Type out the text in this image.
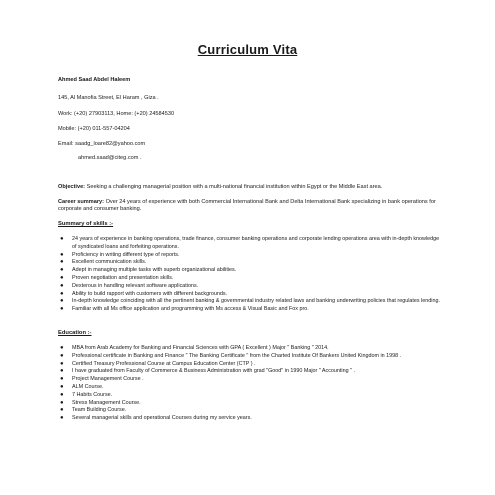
Curriculum Vita
Ahmed Saad Abdel Haleem
145, Al Manofia Street, El Haram , Giza .
Work: (+20) 27903113, Home: (+20) 24584530
Mobile: (+20) 011-557-04204
Email: saadg_loare82@yahoo.com
ahmed.saad@citeg.com .
Objective: Seeking a challenging managerial position with a multi-national financial institution within Egypt or the Middle East area.
Career summary: Over 24 years of experience with both Commercial International Bank and Delta International Bank specializing in bank operations for corporate and consumer banking.
Summary of skills :-
● 24 years of experience in banking operations, trade finance, consumer banking operations and corporate lending operations area with in-depth knowledge of syndicated loans and forfeiting operations.
● Proficiency in writing different type of reports.
● Excellent communication skills.
● Adept in managing multiple tasks with superb organizational abilities.
● Proven negotiation and presentation skills.
● Dexterous in handling relevant software applications.
● Ability to build rapport with customers with different backgrounds.
● In-depth knowledge coinciding with all the pertinent banking & governmental industry related laws and banking underwriting policies that regulates lending.
● Familiar with all Ms office application and programming with Ms access & Visual Basic and Fox pro.
Education :-
● MBA from Arab Academy for Banking and Financial Sciences with GPA ( Excellent ) Major " Banking " 2014.
● Professional certificate in Banking and Finance " The Banking Certificate " from the Charted Institute Of Bankers United Kingdom in 1998 .
● Certified Treasury Professional Course at Campus Education Center (CTP ) .
● I have graduated from Faculty of Commerce & Business Administration with grad "Good" in 1990 Major " Accounting " .
● Project Management Course .
● ALM Course.
● 7 Habits Course.
● Stress Management Course.
● Team Building Course.
● Several managerial skills and operational Courses during my service years.
